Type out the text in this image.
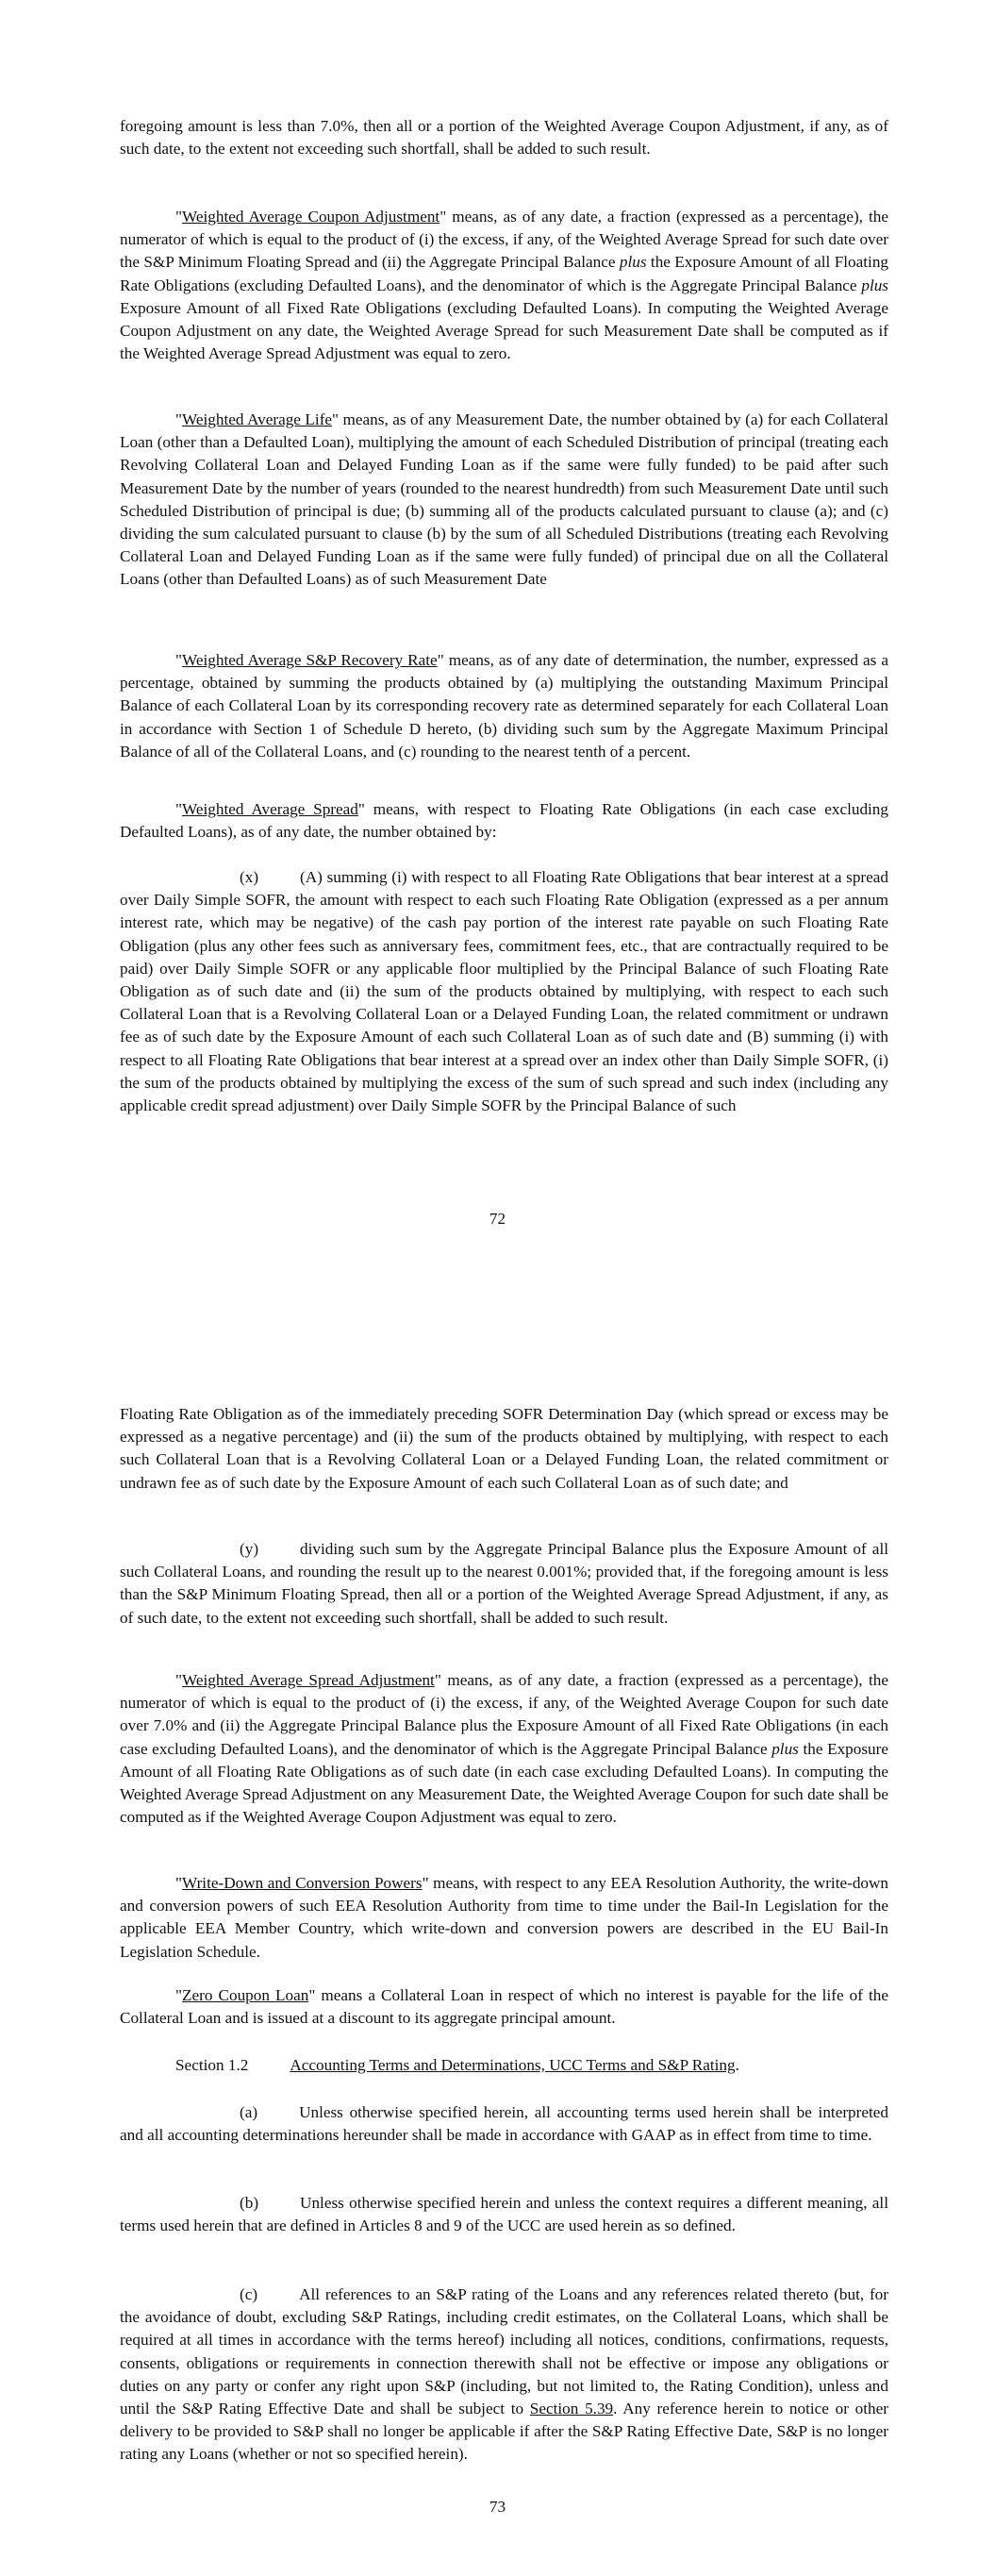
foregoing amount is less than 7.0%, then all or a portion of the Weighted Average Coupon Adjustment, if any, as of such date, to the extent not exceeding such shortfall, shall be added to such result.

"Weighted Average Coupon Adjustment" means, as of any date, a fraction (expressed as a percentage), the numerator of which is equal to the product of (i) the excess, if any, of the Weighted Average Spread for such date over the S&P Minimum Floating Spread and (ii) the Aggregate Principal Balance plus the Exposure Amount of all Floating Rate Obligations (excluding Defaulted Loans), and the denominator of which is the Aggregate Principal Balance plus Exposure Amount of all Fixed Rate Obligations (excluding Defaulted Loans). In computing the Weighted Average Coupon Adjustment on any date, the Weighted Average Spread for such Measurement Date shall be computed as if the Weighted Average Spread Adjustment was equal to zero.

"Weighted Average Life" means, as of any Measurement Date, the number obtained by (a) for each Collateral Loan (other than a Defaulted Loan), multiplying the amount of each Scheduled Distribution of principal (treating each Revolving Collateral Loan and Delayed Funding Loan as if the same were fully funded) to be paid after such Measurement Date by the number of years (rounded to the nearest hundredth) from such Measurement Date until such Scheduled Distribution of principal is due; (b) summing all of the products calculated pursuant to clause (a); and (c) dividing the sum calculated pursuant to clause (b) by the sum of all Scheduled Distributions (treating each Revolving Collateral Loan and Delayed Funding Loan as if the same were fully funded) of principal due on all the Collateral Loans (other than Defaulted Loans) as of such Measurement Date

"Weighted Average S&P Recovery Rate" means, as of any date of determination, the number, expressed as a percentage, obtained by summing the products obtained by (a) multiplying the outstanding Maximum Principal Balance of each Collateral Loan by its corresponding recovery rate as determined separately for each Collateral Loan in accordance with Section 1 of Schedule D hereto, (b) dividing such sum by the Aggregate Maximum Principal Balance of all of the Collateral Loans, and (c) rounding to the nearest tenth of a percent.

"Weighted Average Spread" means, with respect to Floating Rate Obligations (in each case excluding Defaulted Loans), as of any date, the number obtained by:

(x)	(A) summing (i) with respect to all Floating Rate Obligations that bear interest at a spread over Daily Simple SOFR, the amount with respect to each such Floating Rate Obligation (expressed as a per annum interest rate, which may be negative) of the cash pay portion of the interest rate payable on such Floating Rate Obligation (plus any other fees such as anniversary fees, commitment fees, etc., that are contractually required to be paid) over Daily Simple SOFR or any applicable floor multiplied by the Principal Balance of such Floating Rate Obligation as of such date and (ii) the sum of the products obtained by multiplying, with respect to each such Collateral Loan that is a Revolving Collateral Loan or a Delayed Funding Loan, the related commitment or undrawn fee as of such date by the Exposure Amount of each such Collateral Loan as of such date and (B) summing (i) with respect to all Floating Rate Obligations that bear interest at a spread over an index other than Daily Simple SOFR, (i) the sum of the products obtained by multiplying the excess of the sum of such spread and such index (including any applicable credit spread adjustment) over Daily Simple SOFR by the Principal Balance of such

72

Floating Rate Obligation as of the immediately preceding SOFR Determination Day (which spread or excess may be expressed as a negative percentage) and (ii) the sum of the products obtained by multiplying, with respect to each such Collateral Loan that is a Revolving Collateral Loan or a Delayed Funding Loan, the related commitment or undrawn fee as of such date by the Exposure Amount of each such Collateral Loan as of such date; and

(y)	dividing such sum by the Aggregate Principal Balance plus the Exposure Amount of all such Collateral Loans, and rounding the result up to the nearest 0.001%; provided that, if the foregoing amount is less than the S&P Minimum Floating Spread, then all or a portion of the Weighted Average Spread Adjustment, if any, as of such date, to the extent not exceeding such shortfall, shall be added to such result.

"Weighted Average Spread Adjustment" means, as of any date, a fraction (expressed as a percentage), the numerator of which is equal to the product of (i) the excess, if any, of the Weighted Average Coupon for such date over 7.0% and (ii) the Aggregate Principal Balance plus the Exposure Amount of all Fixed Rate Obligations (in each case excluding Defaulted Loans), and the denominator of which is the Aggregate Principal Balance plus the Exposure Amount of all Floating Rate Obligations as of such date (in each case excluding Defaulted Loans). In computing the Weighted Average Spread Adjustment on any Measurement Date, the Weighted Average Coupon for such date shall be computed as if the Weighted Average Coupon Adjustment was equal to zero.

"Write-Down and Conversion Powers" means, with respect to any EEA Resolution Authority, the write-down and conversion powers of such EEA Resolution Authority from time to time under the Bail-In Legislation for the applicable EEA Member Country, which write-down and conversion powers are described in the EU Bail-In Legislation Schedule.

"Zero Coupon Loan" means a Collateral Loan in respect of which no interest is payable for the life of the Collateral Loan and is issued at a discount to its aggregate principal amount.

Section 1.2	Accounting Terms and Determinations, UCC Terms and S&P Rating.

(a)	Unless otherwise specified herein, all accounting terms used herein shall be interpreted and all accounting determinations hereunder shall be made in accordance with GAAP as in effect from time to time.

(b)	Unless otherwise specified herein and unless the context requires a different meaning, all terms used herein that are defined in Articles 8 and 9 of the UCC are used herein as so defined.

(c)	All references to an S&P rating of the Loans and any references related thereto (but, for the avoidance of doubt, excluding S&P Ratings, including credit estimates, on the Collateral Loans, which shall be required at all times in accordance with the terms hereof) including all notices, conditions, confirmations, requests, consents, obligations or requirements in connection therewith shall not be effective or impose any obligations or duties on any party or confer any right upon S&P (including, but not limited to, the Rating Condition), unless and until the S&P Rating Effective Date and shall be subject to Section 5.39. Any reference herein to notice or other delivery to be provided to S&P shall no longer be applicable if after the S&P Rating Effective Date, S&P is no longer rating any Loans (whether or not so specified herein).

73
